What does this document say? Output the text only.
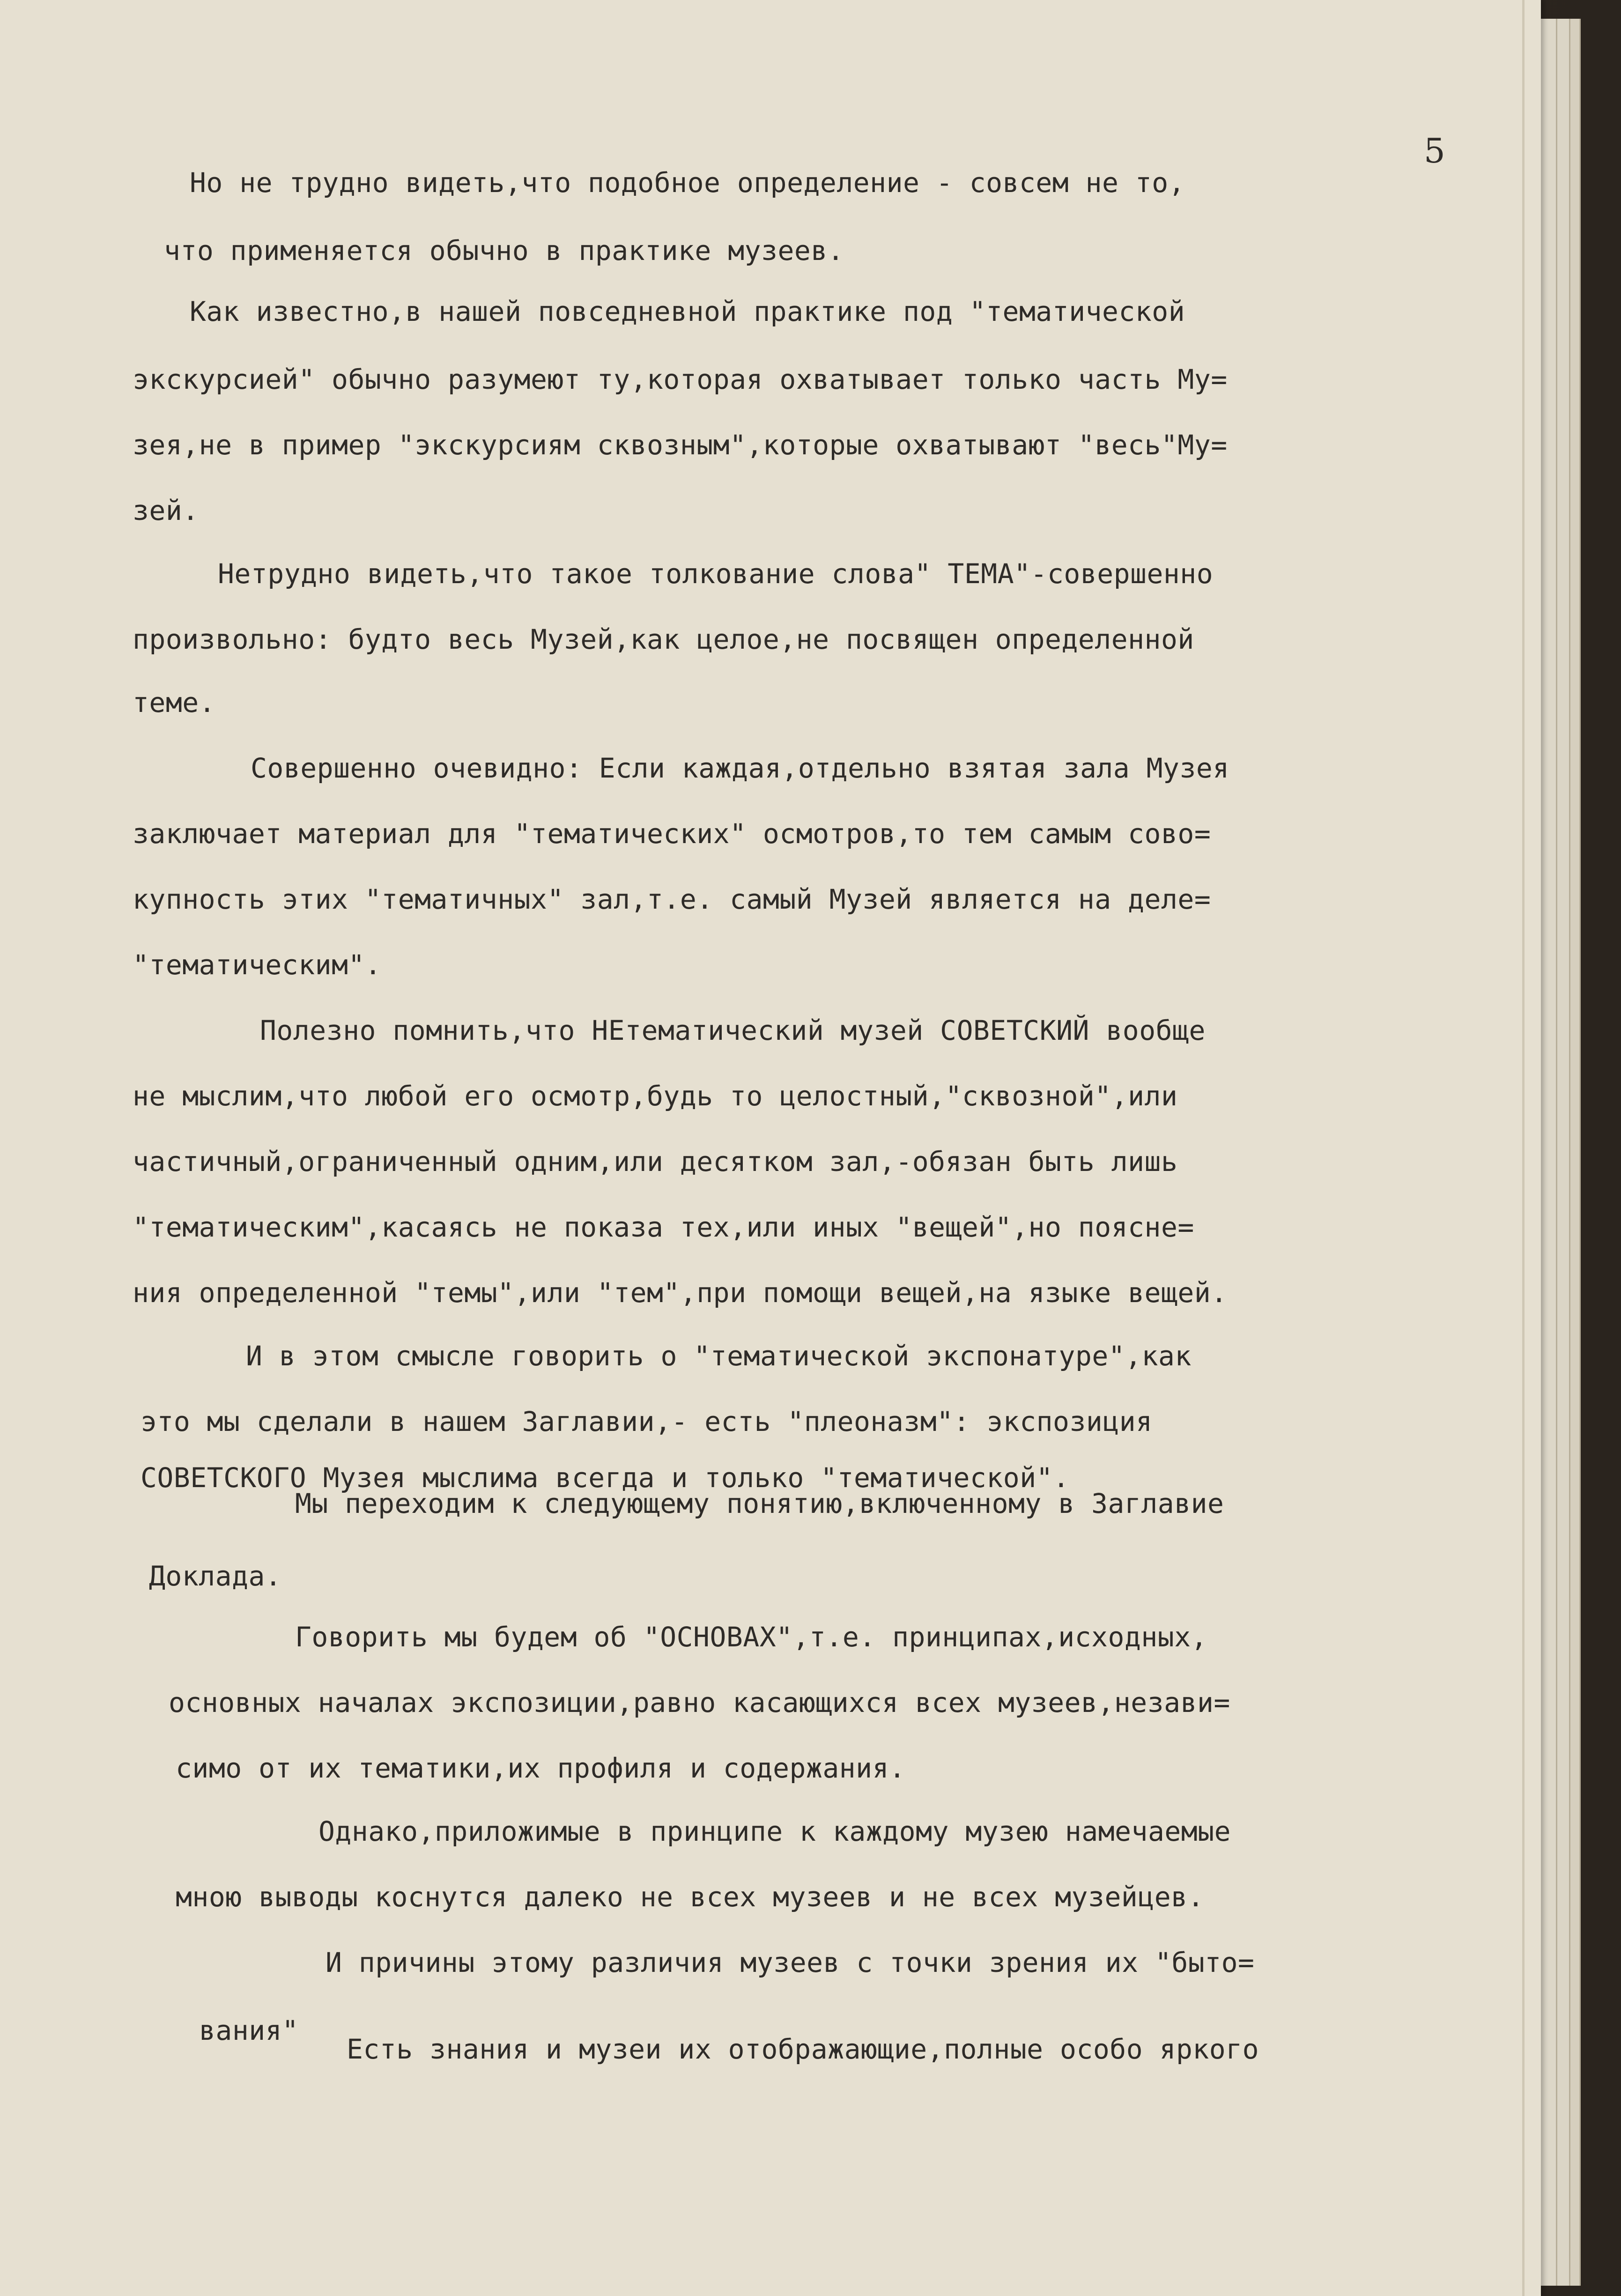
5

Но не трудно видеть,что подобное определение - совсем не то,

что применяется обычно в практике музеев.

Как известно,в нашей повседневной практике под "тематической

экскурсией" обычно разумеют ту,которая охватывает только часть Му=

зея,не в пример "экскурсиям сквозным",которые охватывают "весь"Му=

зей.

Нетрудно видеть,что такое толкование слова" ТЕМА"-совершенно

произвольно: будто весь Музей,как целое,не посвящен определенной

теме.

Совершенно очевидно: Если каждая,отдельно взятая зала Музея

заключает материал для "тематических" осмотров,то тем самым сово=

купность этих "тематичных" зал,т.е. самый Музей является на деле=

"тематическим".

Полезно помнить,что НЕтематический музей СОВЕТСКИЙ вообще

не мыслим,что любой его осмотр,будь то целостный,"сквозной",или

частичный,ограниченный одним,или десятком зал,-обязан быть лишь

"тематическим",касаясь не показа тех,или иных "вещей",но поясне=

ния определенной "темы",или "тем",при помощи вещей,на языке вещей.

И в этом смысле говорить о "тематической экспонатуре",как

это мы сделали в нашем Заглавии,- есть "плеоназм": экспозиция

СОВЕТСКОГО Музея мыслима всегда и только "тематической".

Мы переходим к следующему понятию,включенному в Заглавие

Доклада.

Говорить мы будем об "ОСНОВАХ",т.е. принципах,исходных,

основных началах экспозиции,равно касающихся всех музеев,незави=

симо от их тематики,их профиля и содержания.

Однако,приложимые в принципе к каждому музею намечаемые

мною выводы коснутся далеко не всех музеев и не всех музейцев.

И причины этому различия музеев с точки зрения их "быто=

вания"

Есть знания и музеи их отображающие,полные особо яркого
